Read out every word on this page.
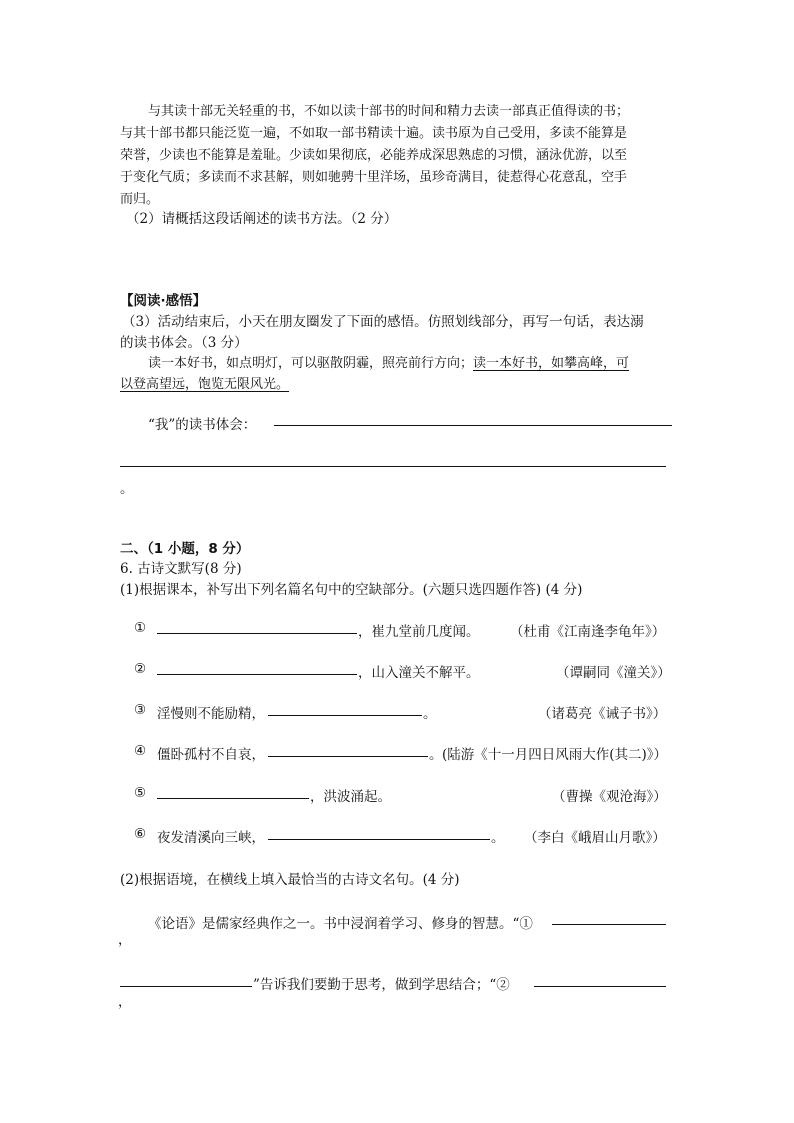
与其读十部无关轻重的书，不如以读十部书的时间和精力去读一部真正值得读的书；
与其十部书都只能泛览一遍，不如取一部书精读十遍。读书原为自己受用，多读不能算是
荣誉，少读也不能算是羞耻。少读如果彻底，必能养成深思熟虑的习惯，涵泳优游，以至
于变化气质；多读而不求甚解，则如驰骋十里洋场，虽珍奇满目，徒惹得心花意乱，空手
而归。
（2）请概括这段话阐述的读书方法。（2 分）
【阅读·感悟】
（3）活动结束后，小天在朋友圈发了下面的感悟。仿照划线部分，再写一句话，表达溺
的读书体会。（3 分）
读一本好书，如点明灯，可以驱散阴霾，照亮前行方向；读一本好书，如攀高峰，可
以登高望远，饱览无限风光。
“我”的读书体会：
。
二、（1 小题，8 分）
6. 古诗文默写(8 分)
(1)根据课本，补写出下列名篇名句中的空缺部分。(六题只选四题作答) (4 分)
①	，崔九堂前几度闻。 （杜甫《江南逢李龟年》）
②	，山入潼关不解平。	（谭嗣同《潼关》）
③ 淫慢则不能励精，	。	（诸葛亮《诫子书》）
④ 僵卧孤村不自哀，	。 (陆游《十一月四日风雨大作(其二)》）
⑤	，洪波涌起。	（曹操《观沧海》）
⑥ 夜发清溪向三峡，	。 （李白《峨眉山月歌》）
(2)根据语境，在横线上填入最恰当的古诗文名句。(4 分)
《论语》是儒家经典作之一。书中浸润着学习、修身的智慧。“①
，
”告诉我们要勤于思考，做到学思结合；“②
，
